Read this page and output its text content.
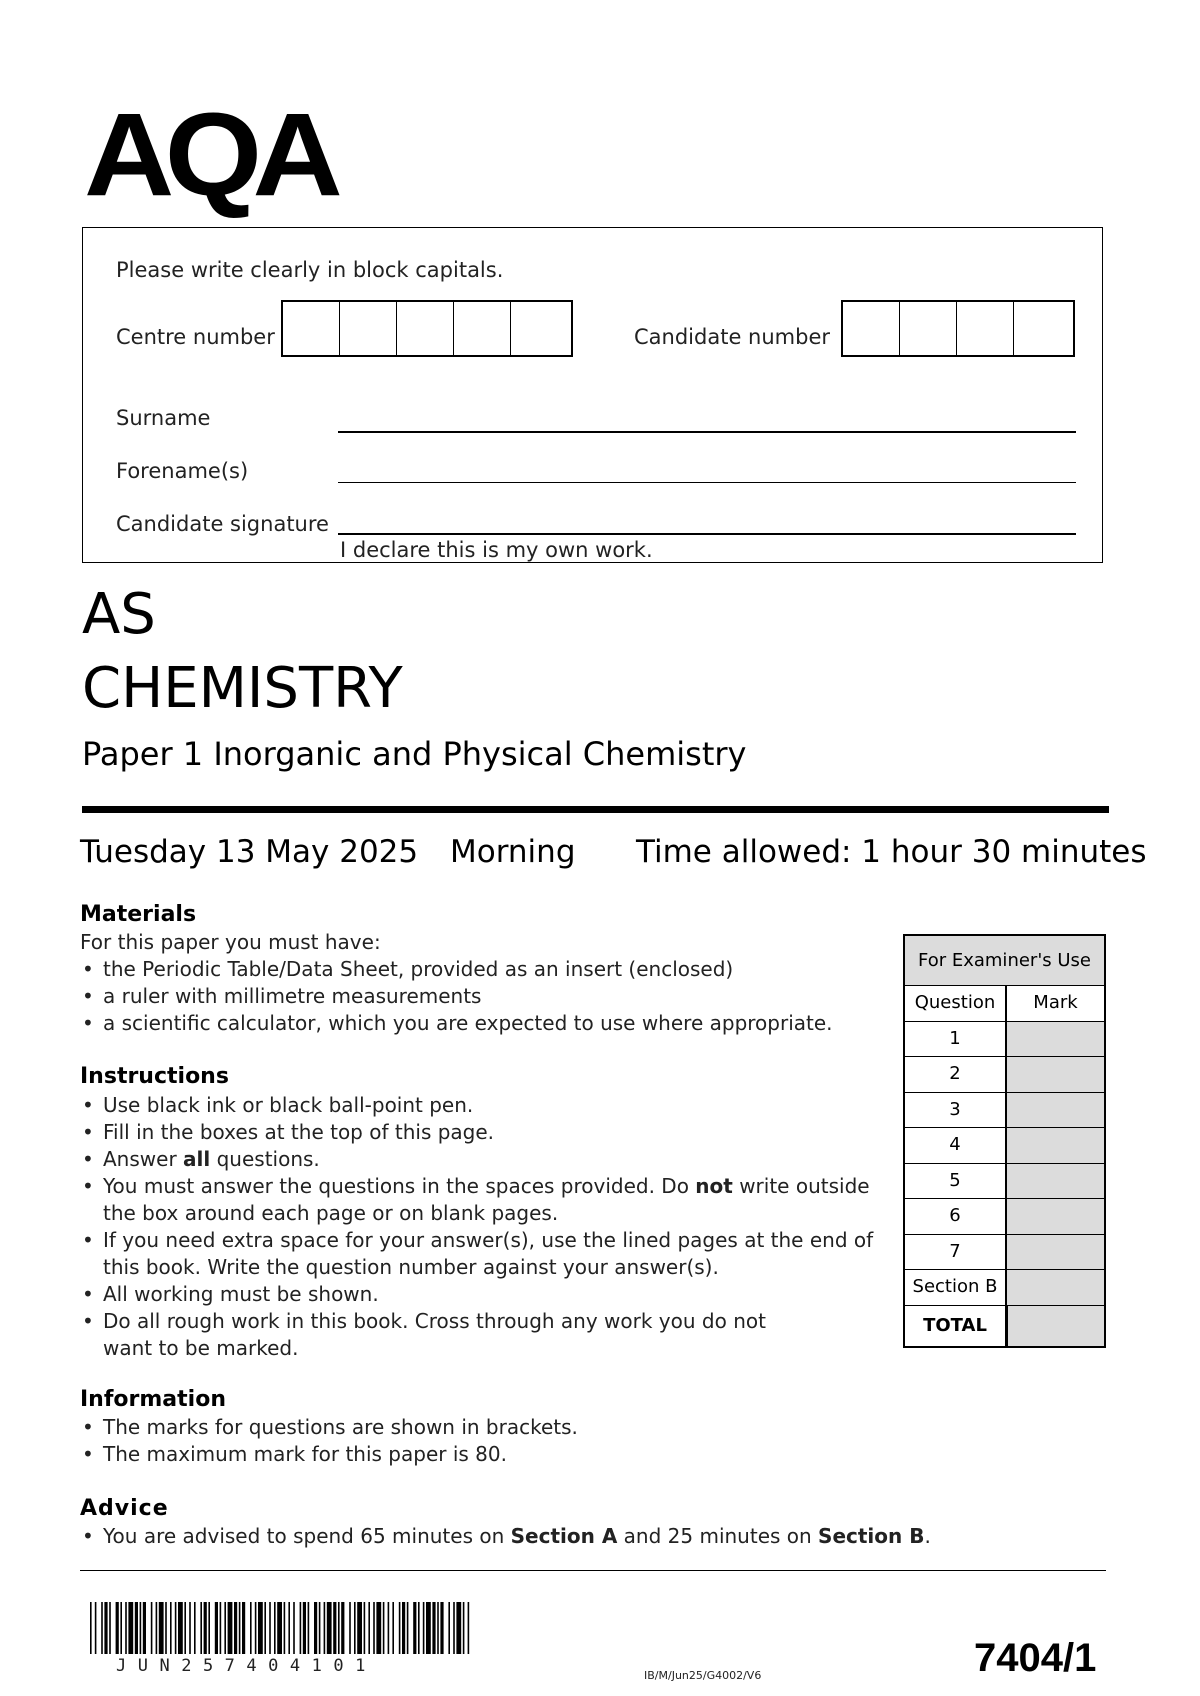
AQA
Please write clearly in block capitals.
Centre number	Candidate number
Surname
Forename(s)
Candidate signature
I declare this is my own work.
AS
CHEMISTRY
Paper 1 Inorganic and Physical Chemistry
Tuesday 13 May 2025 Morning Time allowed: 1 hour 30 minutes
Materials
For this paper you must have:
• the Periodic Table/Data Sheet, provided as an insert (enclosed)
• a ruler with millimetre measurements
• a scientific calculator, which you are expected to use where appropriate.
Instructions
• Use black ink or black ball-point pen.
• Fill in the boxes at the top of this page.
• Answer all questions.
• You must answer the questions in the spaces provided. Do not write outside the box around each page or on blank pages.
• If you need extra space for your answer(s), use the lined pages at the end of this book. Write the question number against your answer(s).
• All working must be shown.
• Do all rough work in this book. Cross through any work you do not want to be marked.
Information
• The marks for questions are shown in brackets.
• The maximum mark for this paper is 80.
Advice
• You are advised to spend 65 minutes on Section A and 25 minutes on Section B.
For Examiner's Use
Question	Mark
1
2
3
4
5
6
7
Section B
TOTAL
JUN257404101	IB/M/Jun25/G4002/V6	7404/1
